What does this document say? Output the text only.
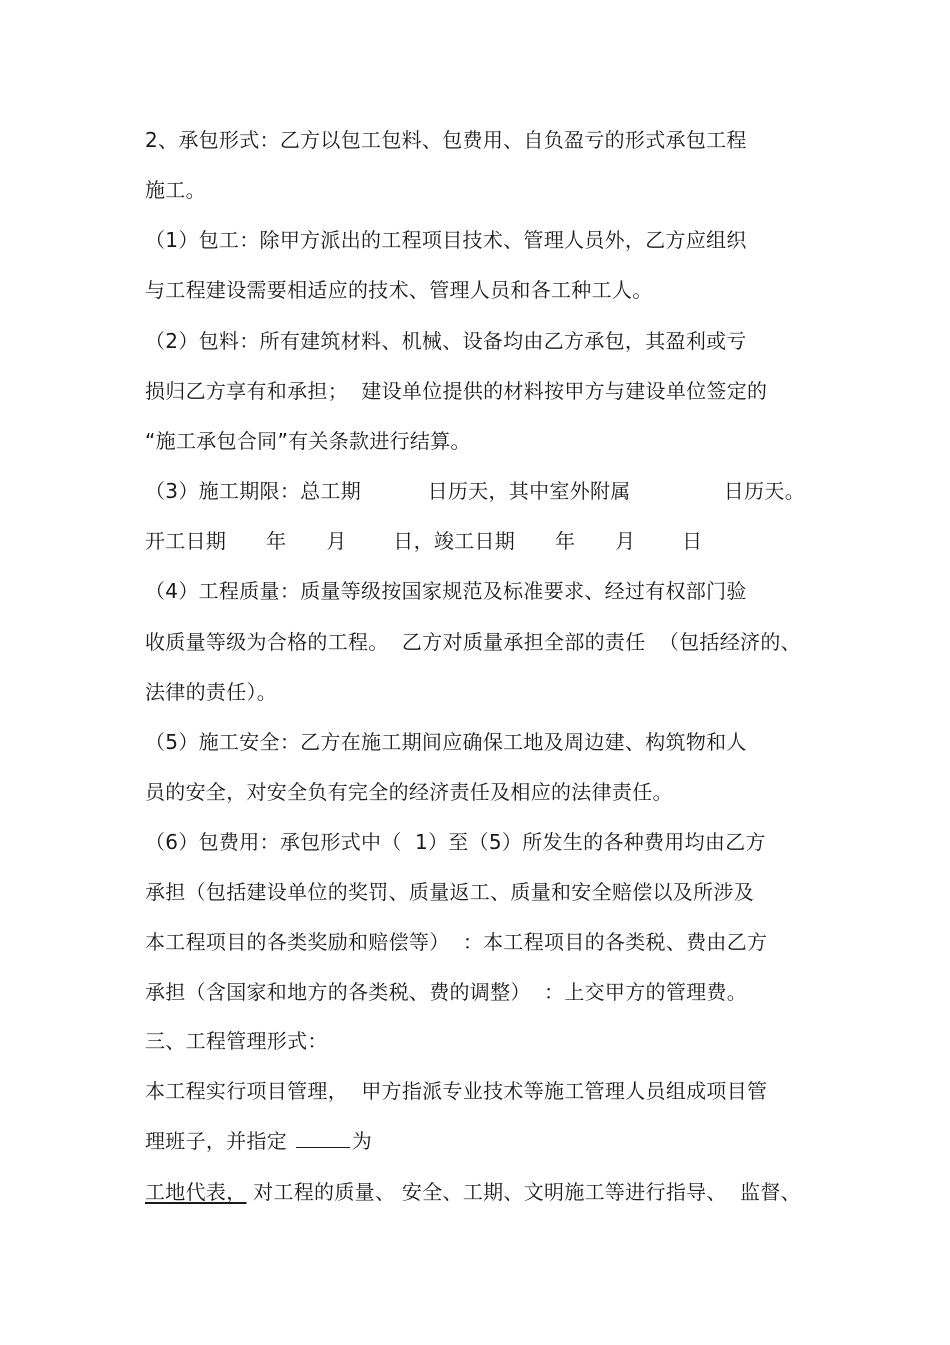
2、承包形式：乙方以包工包料、包费用、自负盈亏的形式承包工程
施工。
（1）包工：除甲方派出的工程项目技术、管理人员外，乙方应组织
与工程建设需要相适应的技术、管理人员和各工种工人。
（2）包料：所有建筑材料、机械、设备均由乙方承包，其盈利或亏
损归乙方享有和承担；  建设单位提供的材料按甲方与建设单位签定的
“施工承包合同”有关条款进行结算。
（3）施工期限：总工期          日历天，其中室外附属              日历天。
开工日期      年      月       日，竣工日期      年      月       日
（4）工程质量：质量等级按国家规范及标准要求、经过有权部门验
收质量等级为合格的工程。  乙方对质量承担全部的责任  （包括经济的、
法律的责任）。
（5）施工安全：乙方在施工期间应确保工地及周边建、构筑物和人
员的安全，对安全负有完全的经济责任及相应的法律责任。
（6）包费用：承包形式中（  1）至（5）所发生的各种费用均由乙方
承担（包括建设单位的奖罚、质量返工、质量和安全赔偿以及所涉及
本工程项目的各类奖励和赔偿等）  ：本工程项目的各类税、费由乙方
承担（含国家和地方的各类税、费的调整）  ：上交甲方的管理费。
三、工程管理形式：
本工程实行项目管理，  甲方指派专业技术等施工管理人员组成项目管
理班子，并指定	为
工地代表， 对工程的质量、 安全、工期、文明施工等进行指导、  监督、
